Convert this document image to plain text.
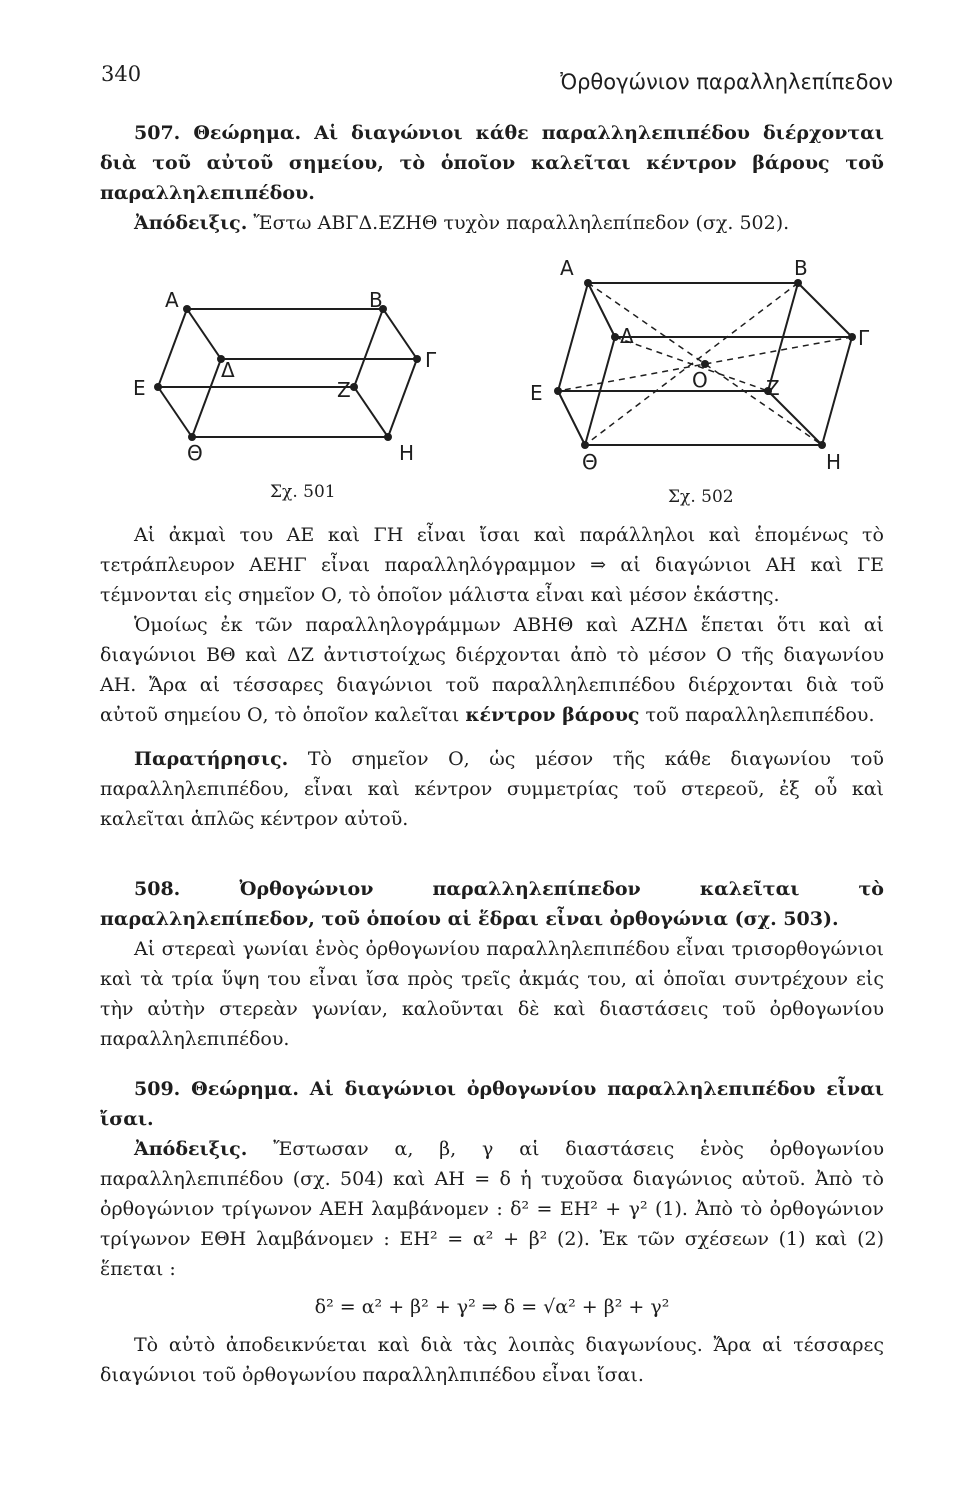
340	Ὀρθογώνιον παραλληλεπίπεδον

507. Θεώρημα. Αἱ διαγώνιοι κάθε παραλληλεπιπέδου διέρχονται διὰ τοῦ αὐτοῦ σημείου, τὸ ὁποῖον καλεῖται κέντρον βάρους τοῦ παραλληλεπιπέδου.

Ἀπόδειξις. Ἔστω ΑΒΓΔ.ΕΖΗΘ τυχὸν παραλληλεπίπεδον (σχ. 502).

Α	Β
Γ
Δ
Ε	Ζ
Η
Θ
Σχ. 501
Α	Β
Γ
Δ
Ε	Ζ
Η
Θ
Ο
Σχ. 502

Αἱ ἀκμαὶ του ΑΕ καὶ ΓΗ εἶναι ἴσαι καὶ παράλληλοι καὶ ἑπομένως τὸ τετράπλευρον ΑΕΗΓ εἶναι παραλληλόγραμμον ⇒ αἱ διαγώνιοι ΑΗ καὶ ΓΕ τέμνονται εἰς σημεῖον Ο, τὸ ὁποῖον μάλιστα εἶναι καὶ μέσον ἑκάστης.

Ὁμοίως ἐκ τῶν παραλληλογράμμων ΑΒΗΘ καὶ ΑΖΗΔ ἕπεται ὅτι καὶ αἱ διαγώνιοι ΒΘ καὶ ΔΖ ἀντιστοίχως διέρχονται ἀπὸ τὸ μέσον Ο τῆς διαγωνίου ΑΗ. Ἄρα αἱ τέσσαρες διαγώνιοι τοῦ παραλληλεπιπέδου διέρχονται διὰ τοῦ αὐτοῦ σημείου Ο, τὸ ὁποῖον καλεῖται κέντρον βάρους τοῦ παραλληλεπιπέδου.

Παρατήρησις. Τὸ σημεῖον Ο, ὡς μέσον τῆς κάθε διαγωνίου τοῦ παραλληλεπιπέδου, εἶναι καὶ κέντρον συμμετρίας τοῦ στερεοῦ, ἐξ οὗ καὶ καλεῖται ἁπλῶς κέντρον αὐτοῦ.

508.	Ὀρθογώνιον παραλληλεπίπεδον καλεῖται τὸ παραλληλεπίπεδον, τοῦ ὁποίου αἱ ἕδραι εἶναι ὀρθογώνια (σχ. 503).

Αἱ στερεαὶ γωνίαι ἑνὸς ὀρθογωνίου παραλληλεπιπέδου εἶναι τρισορθογώνιοι καὶ τὰ τρία ὕψη του εἶναι ἴσα πρὸς τρεῖς ἀκμάς του, αἱ ὁποῖαι συντρέχουν εἰς τὴν αὐτὴν στερεὰν γωνίαν, καλοῦνται δὲ καὶ διαστάσεις τοῦ ὀρθογωνίου παραλληλεπιπέδου.

509. Θεώρημα. Αἱ διαγώνιοι ὀρθογωνίου παραλληλεπιπέδου εἶναι ἴσαι.

Ἀπόδειξις. Ἔστωσαν α, β, γ αἱ διαστάσεις ἑνὸς ὀρθογωνίου παραλληλεπιπέδου (σχ. 504) καὶ ΑΗ = δ ἡ τυχοῦσα διαγώνιος αὐτοῦ. Ἀπὸ τὸ ὀρθογώνιον τρίγωνον ΑΕΗ λαμβάνομεν : δ² = ΕΗ² + γ² (1). Ἀπὸ τὸ ὀρθογώνιον τρίγωνον ΕΘΗ λαμβάνομεν : ΕΗ² = α² + β² (2). Ἐκ τῶν σχέσεων (1) καὶ (2) ἕπεται :

δ² = α² + β² + γ² ⇒ δ = √α² + β² + γ²

Τὸ αὐτὸ ἀποδεικνύεται καὶ διὰ τὰς λοιπὰς διαγωνίους. Ἄρα αἱ τέσσαρες διαγώνιοι τοῦ ὀρθογωνίου παραλληλπιπέδου εἶναι ἴσαι.
